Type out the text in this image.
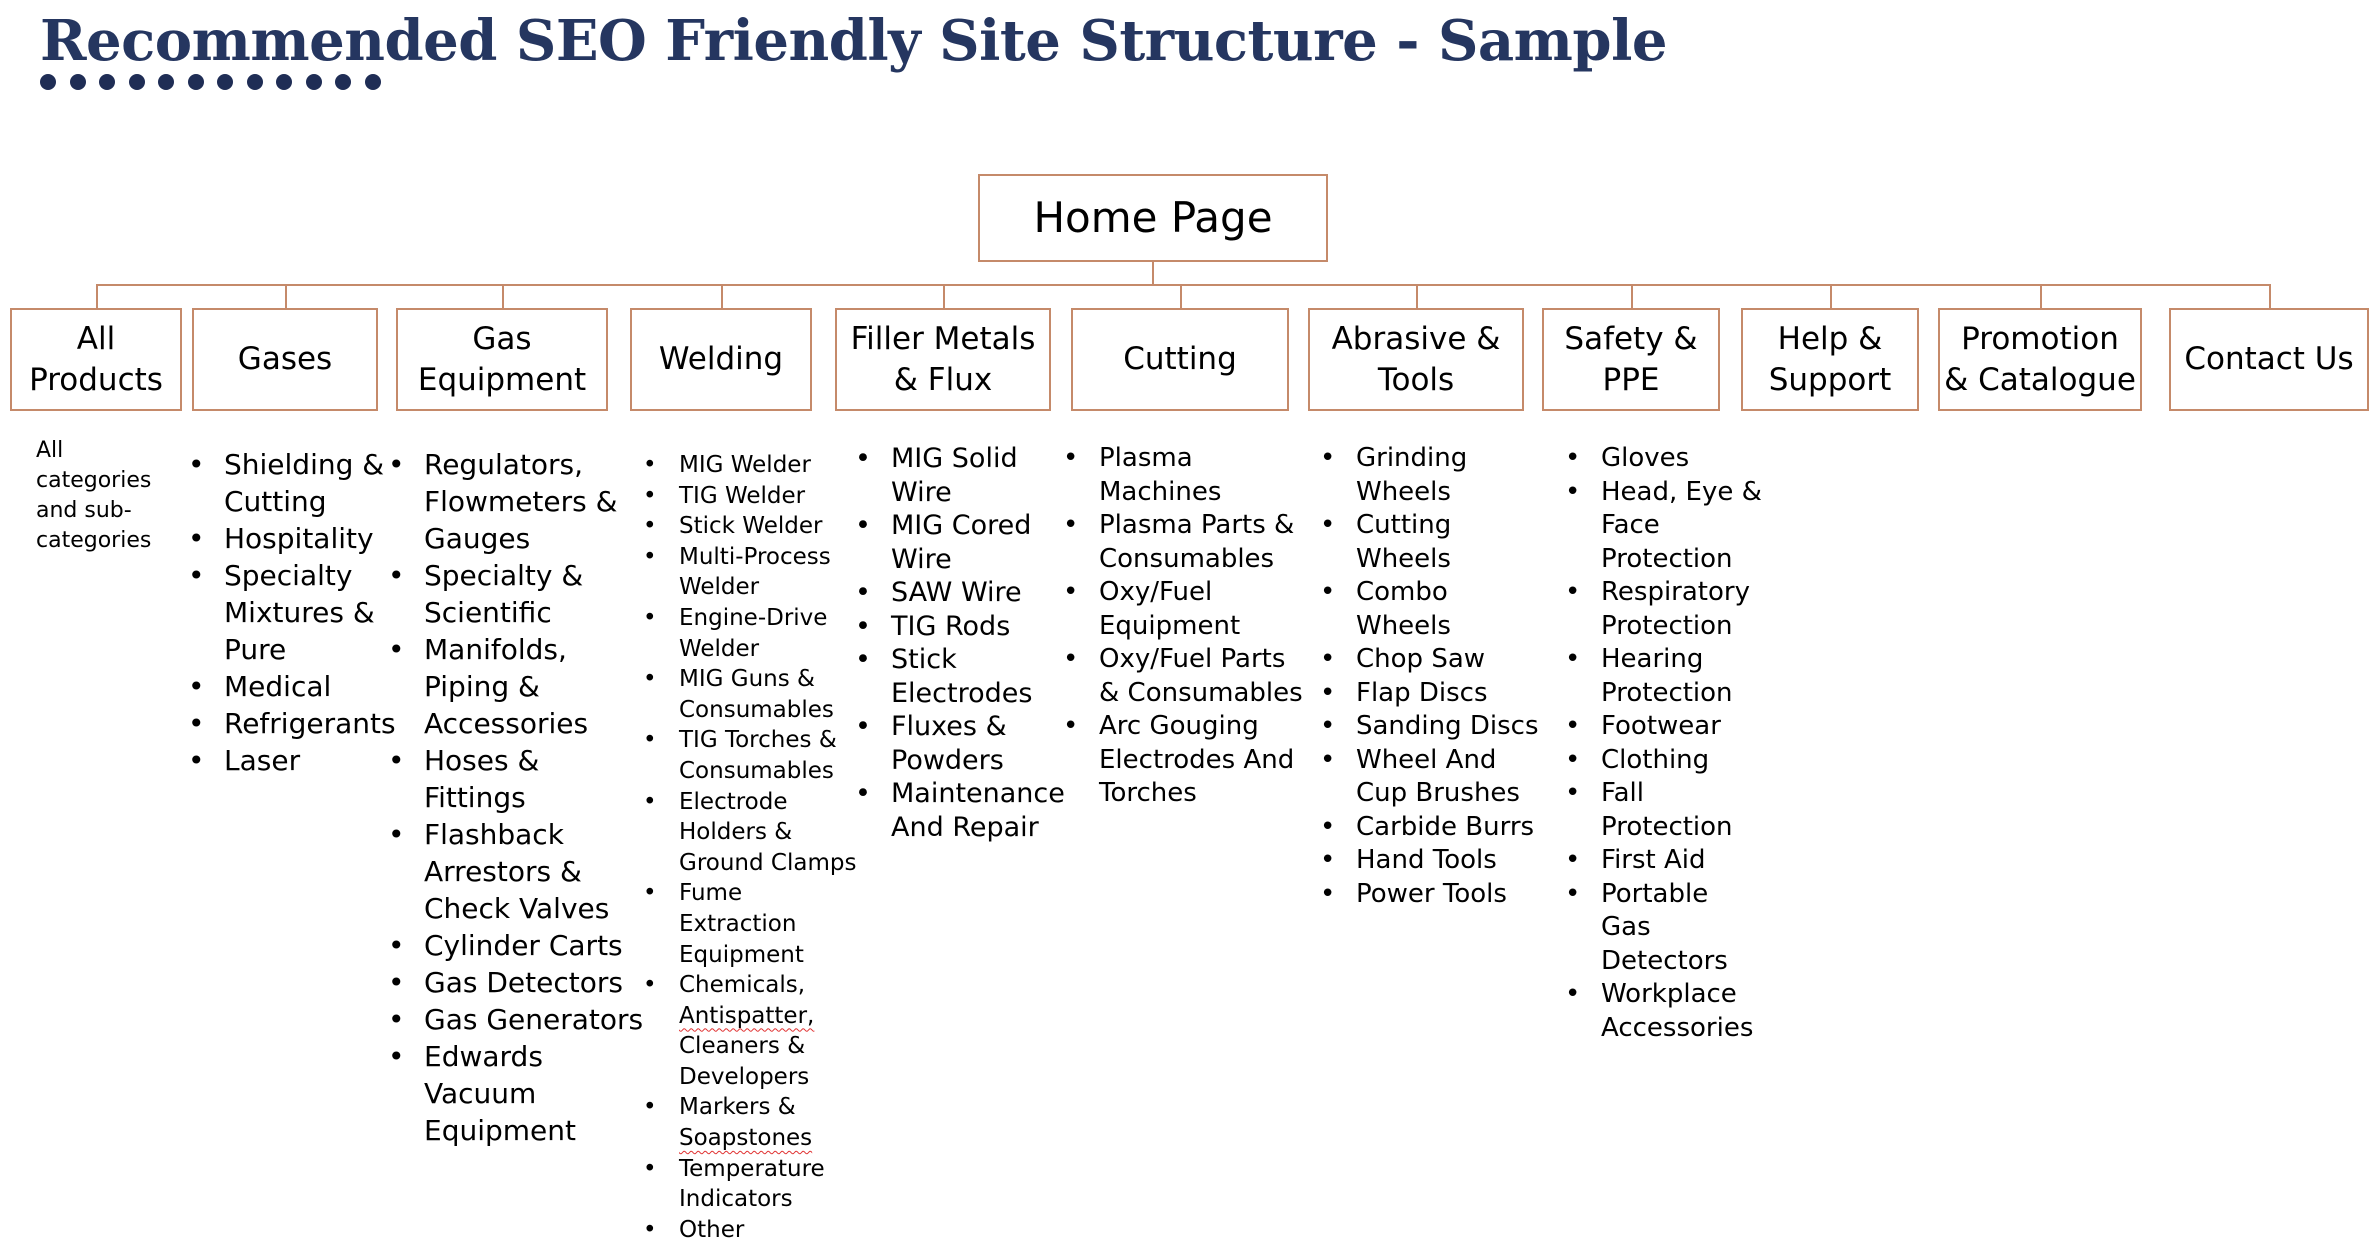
Recommended SEO Friendly Site Structure - Sample
Home Page
All
Products
Gases
Gas
Equipment
Welding
Filler Metals
& Flux
Cutting
Abrasive &
Tools
Safety &
PPE
Help &
Support
Promotion
& Catalogue
Contact Us
• Shielding & Cutting
• Hospitality
• Specialty Mixtures & Pure
• Medical
• Refrigerants
• Laser
• Regulators, Flowmeters & Gauges
• Specialty & Scientific
• Manifolds, Piping & Accessories
• Hoses & Fittings
• Flashback Arrestors & Check Valves
• Cylinder Carts
• Gas Detectors
• Gas Generators
• Edwards Vacuum Equipment
• MIG Welder
• TIG Welder
• Stick Welder
• Multi-Process Welder
• Engine-Drive Welder
• MIG Guns & Consumables
• TIG Torches & Consumables
• Electrode Holders & Ground Clamps
• Fume Extraction Equipment
• Chemicals, Antispatter, Cleaners & Developers
• Markers & Soapstones
• Temperature Indicators
• Other
• MIG Solid Wire
• MIG Cored Wire
• SAW Wire
• TIG Rods
• Stick Electrodes
• Fluxes & Powders
• Maintenance And Repair
• Plasma Machines
• Plasma Parts & Consumables
• Oxy/Fuel Equipment
• Oxy/Fuel Parts & Consumables
• Arc Gouging Electrodes And Torches
• Grinding Wheels
• Cutting Wheels
• Combo Wheels
• Chop Saw
• Flap Discs
• Sanding Discs
• Wheel And Cup Brushes
• Carbide Burrs
• Hand Tools
• Power Tools
• Gloves
• Head, Eye & Face Protection
• Respiratory Protection
• Hearing Protection
• Footwear
• Clothing
• Fall Protection
• First Aid
• Portable Gas Detectors
• Workplace Accessories
All
categories
and sub-
categories
